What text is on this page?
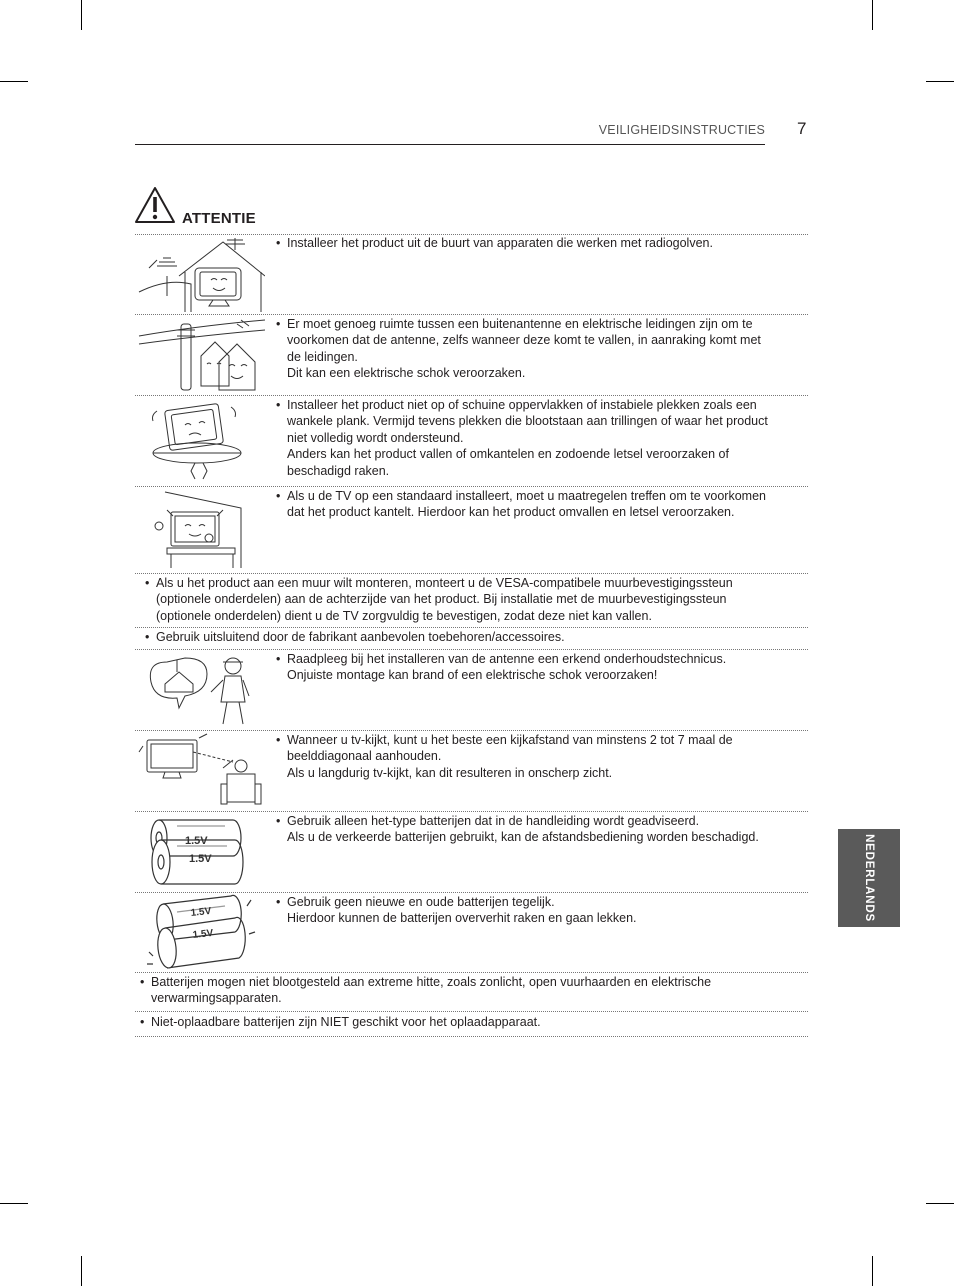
VEILIGHEIDSINSTRUCTIES 7
NEDERLANDS
ATTENTIE
1.5V
1.5V
1.5V
1.5V
• Installeer het product uit de buurt van apparaten die werken met radiogolven.
• Er moet genoeg ruimte tussen een buitenantenne en elektrische leidingen zijn om te
voorkomen dat de antenne, zelfs wanneer deze komt te vallen, in aanraking komt met
de leidingen.
Dit kan een elektrische schok veroorzaken.
• Installeer het product niet op of schuine oppervlakken of instabiele plekken zoals een
wankele plank. Vermijd tevens plekken die blootstaan aan trillingen of waar het product
niet volledig wordt ondersteund.
Anders kan het product vallen of omkantelen en zodoende letsel veroorzaken of
beschadigd raken.
• Als u de TV op een standaard installeert, moet u maatregelen treffen om te voorkomen
dat het product kantelt. Hierdoor kan het product omvallen en letsel veroorzaken.
• Als u het product aan een muur wilt monteren, monteert u de VESA-compatibele muurbevestigingssteun
(optionele onderdelen) aan de achterzijde van het product. Bij installatie met de muurbevestigingssteun
(optionele onderdelen) dient u de TV zorgvuldig te bevestigen, zodat deze niet kan vallen.
• Gebruik uitsluitend door de fabrikant aanbevolen toebehoren/accessoires.
• Raadpleeg bij het installeren van de antenne een erkend onderhoudstechnicus.
Onjuiste montage kan brand of een elektrische schok veroorzaken!
• Wanneer u tv-kijkt, kunt u het beste een kijkafstand van minstens 2 tot 7 maal de
beelddiagonaal aanhouden.
Als u langdurig tv-kijkt, kan dit resulteren in onscherp zicht.
• Gebruik alleen het-type batterijen dat in de handleiding wordt geadviseerd.
Als u de verkeerde batterijen gebruikt, kan de afstandsbediening worden beschadigd.
• Gebruik geen nieuwe en oude batterijen tegelijk.
Hierdoor kunnen de batterijen oververhit raken en gaan lekken.
• Batterijen mogen niet blootgesteld aan extreme hitte, zoals zonlicht, open vuurhaarden en elektrische
verwarmingsapparaten.
• Niet-oplaadbare batterijen zijn NIET geschikt voor het oplaadapparaat.
